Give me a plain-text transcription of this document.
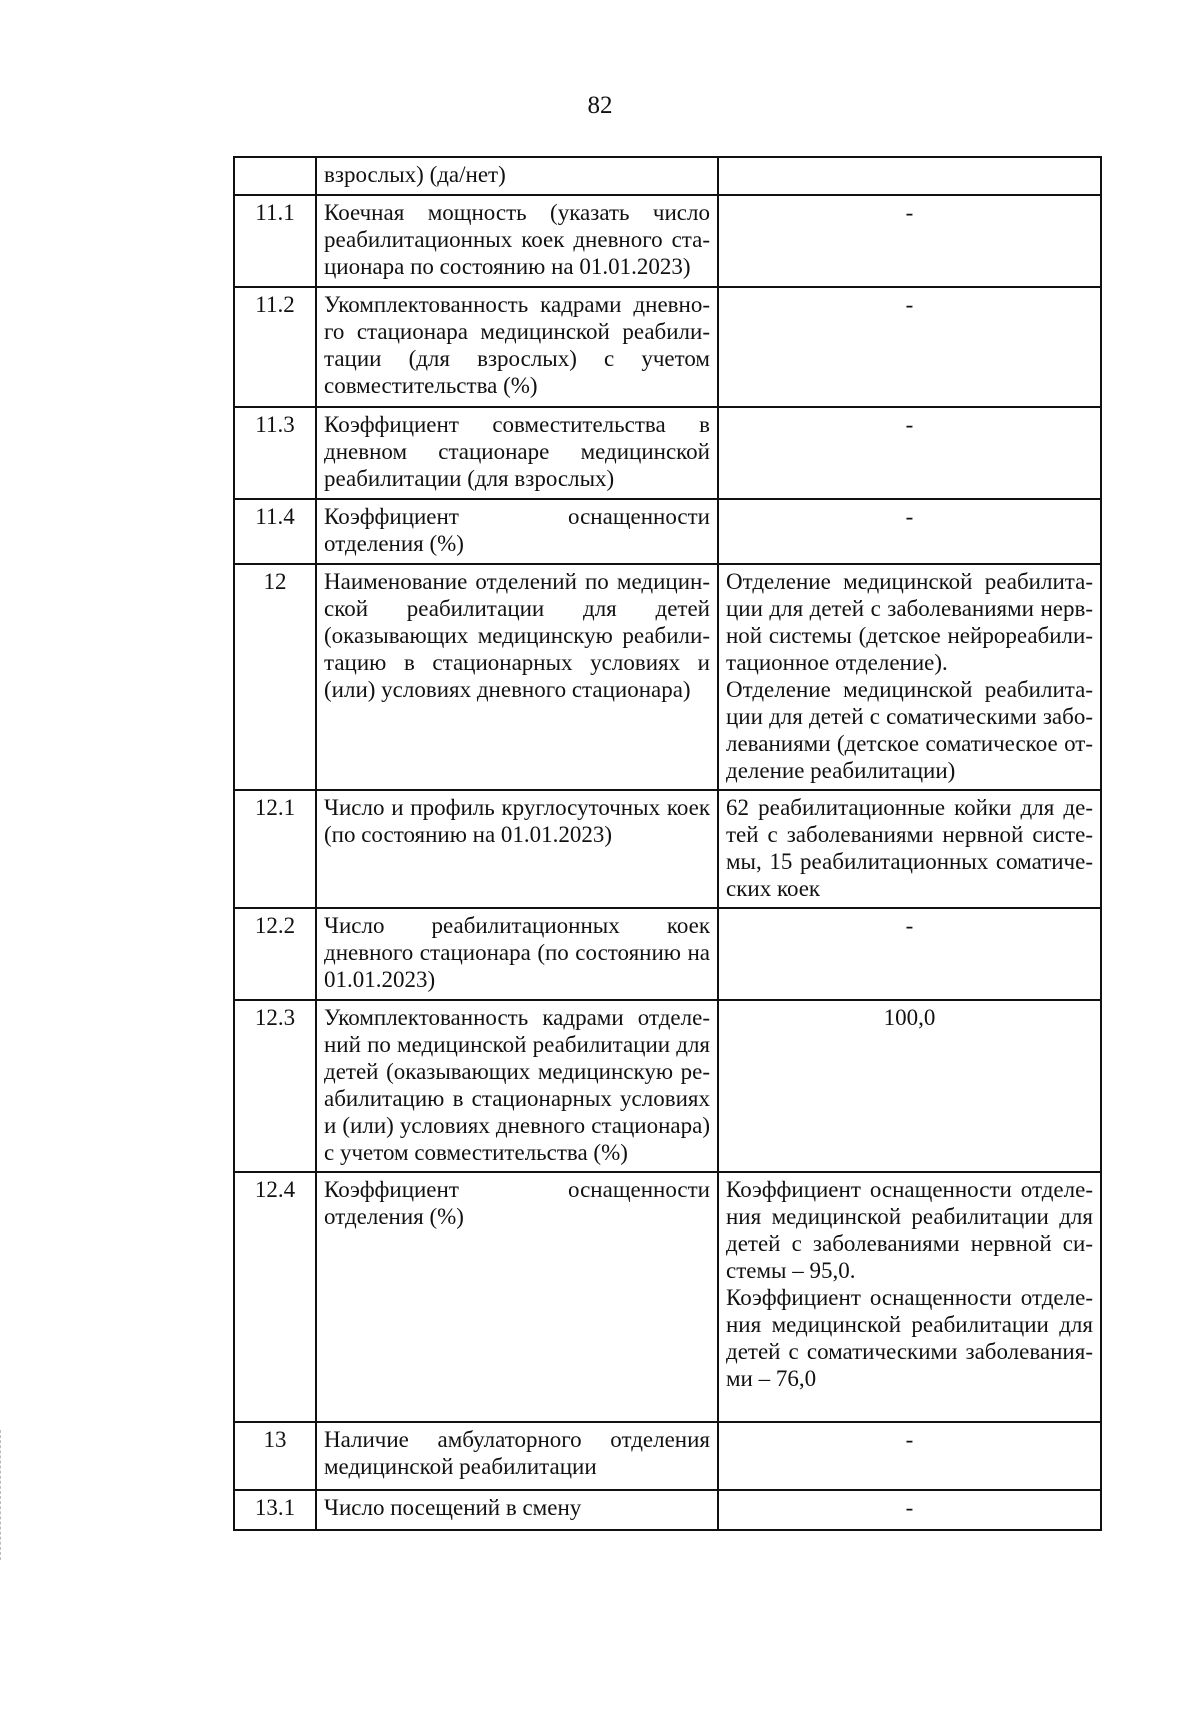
82
	взрослых) (да/нет)	
11.1	Коечная мощность (указать число реабилитационных коек дневного стационара по состоянию на 01.01.2023)	-
11.2	Укомплектованность кадрами дневного стационара медицинской реабилитации (для взрослых) с учетом совместительства (%)	-
11.3	Коэффициент совместительства в дневном стационаре медицинской реабилитации (для взрослых)	-
11.4	Коэффициент оснащенности отделения (%)	-
12	Наименование отделений по медицинской реабилитации для детей (оказывающих медицинскую реабилитацию в стационарных условиях и (или) условиях дневного стационара)	Отделение медицинской реабилитации для детей с заболеваниями нервной системы (детское нейрореабилитационное отделение).
Отделение медицинской реабилитации для детей с соматическими заболеваниями (детское соматическое отделение реабилитации)

12.1	Число и профиль круглосуточных коек (по состоянию на 01.01.2023)	62 реабилитационные койки для детей с заболеваниями нервной системы, 15 реабилитационных соматических коек
12.2	Число реабилитационных коек дневного стационара (по состоянию на 01.01.2023)	-
12.3	Укомплектованность кадрами отделений по медицинской реабилитации для детей (оказывающих медицинскую реабилитацию в стационарных условиях и (или) условиях дневного стационара) с учетом совместительства (%)	100,0
12.4	Коэффициент оснащенности отделения (%)	Коэффициент оснащенности отделения медицинской реабилитации для детей с заболеваниями нервной системы – 95,0.
Коэффициент оснащенности отделения медицинской реабилитации для детей с соматическими заболеваниями – 76,0

13	Наличие амбулаторного отделения медицинской реабилитации	-
13.1	Число посещений в смену	-
